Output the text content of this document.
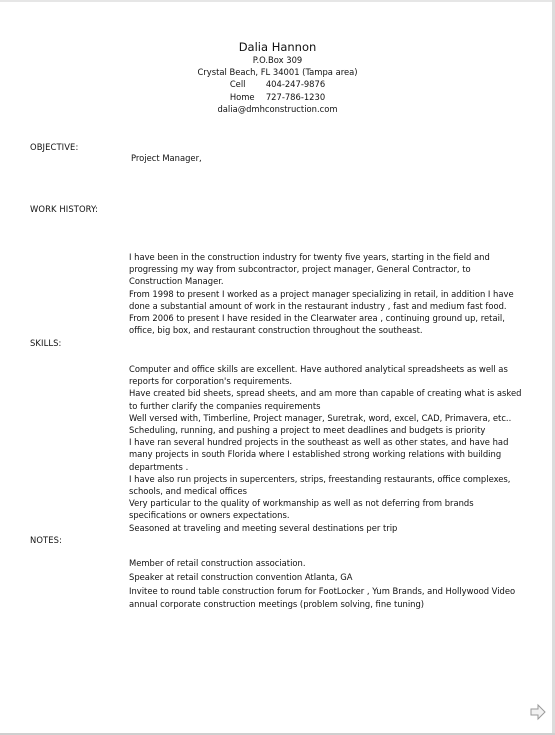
Dalia Hannon
P.O.Box 309
Crystal Beach, FL 34001 (Tampa area)
Cell 404-247-9876
Home 727-786-1230
dalia@dmhconstruction.com
OBJECTIVE:
Project Manager,
WORK HISTORY:

I have been in the construction industry for twenty five years, starting in the field and progressing my way from subcontractor, project manager, General Contractor, to Construction Manager.
From 1998 to present I worked as a project manager specializing in retail, in addition I have done a substantial amount of work in the restaurant industry , fast and medium fast food. From 2006 to present I have resided in the Clearwater area , continuing ground up, retail, office, big box, and restaurant construction throughout the southeast.

SKILLS:

Computer and office skills are excellent. Have authored analytical spreadsheets as well as reports for corporation's requirements.

Have created bid sheets, spread sheets, and am more than capable of creating what is asked to further clarify the companies requirements

Well versed with, Timberline, Project manager, Suretrak, word, excel, CAD, Primavera, etc..

Scheduling, running, and pushing a project to meet deadlines and budgets is priority

I have ran several hundred projects in the southeast as well as other states, and have had many projects in south Florida where I established strong working relations with building departments .

I have also run projects in supercenters, strips, freestanding restaurants, office complexes, schools, and medical offices

Very particular to the quality of workmanship as well as not deferring from brands specifications or owners expectations.

Seasoned at traveling and meeting several destinations per trip

NOTES:

Member of retail construction association.

Speaker at retail construction convention Atlanta, GA

Invitee to round table construction forum for FootLocker , Yum Brands, and Hollywood Video annual corporate construction meetings (problem solving, fine tuning)
